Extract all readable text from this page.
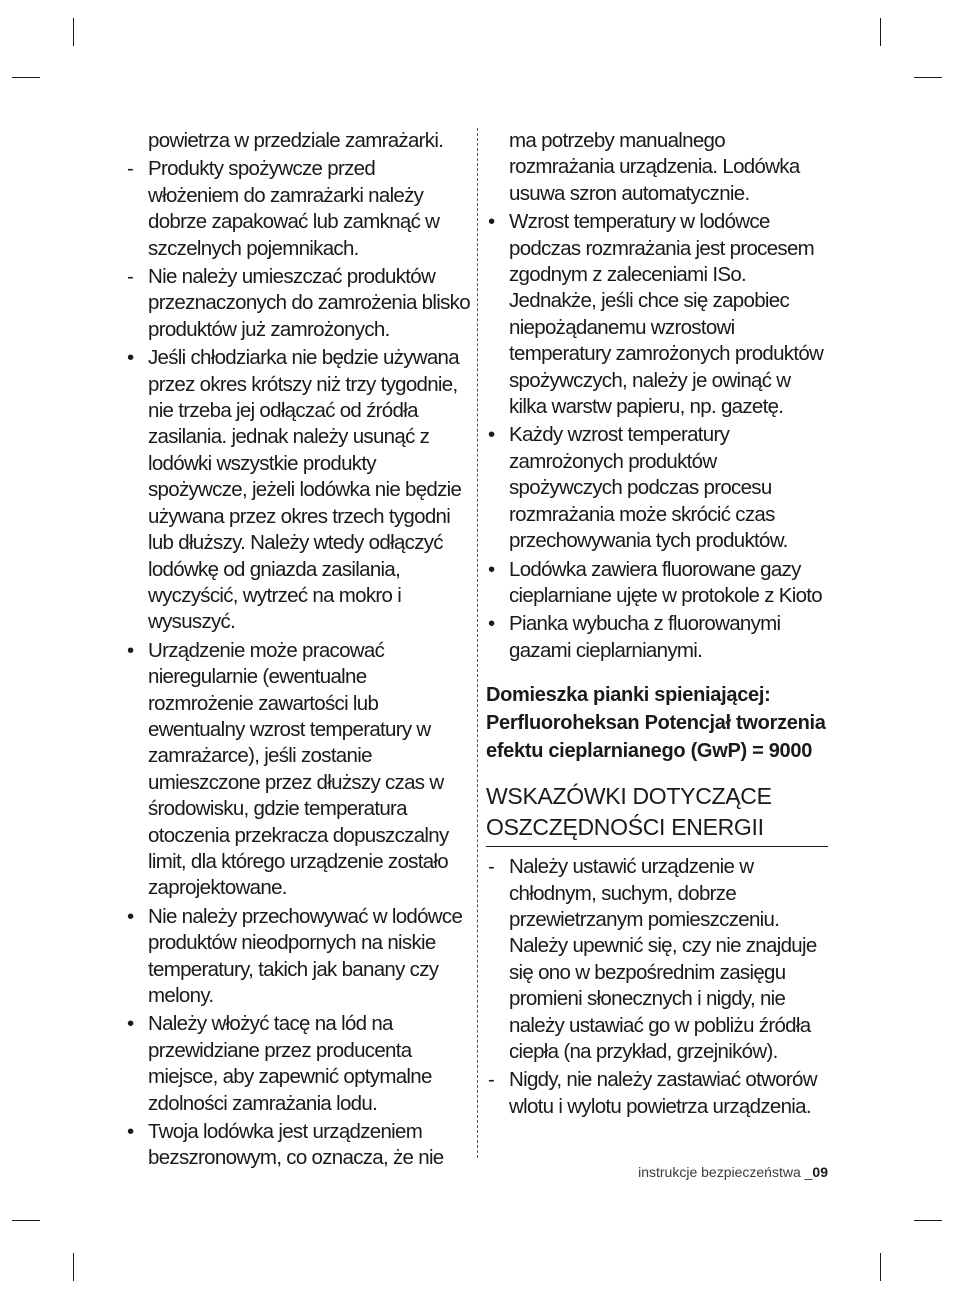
powietrza w przedziale zamrażarki.
- Produkty spożywcze przed włożeniem do zamrażarki należy dobrze zapakować lub zamknąć w szczelnych pojemnikach.
- Nie należy umieszczać produktów przeznaczonych do zamrożenia blisko produktów już zamrożonych.
• Jeśli chłodziarka nie będzie używana przez okres krótszy niż trzy tygodnie, nie trzeba jej odłączać od źródła zasilania. jednak należy usunąć z lodówki wszystkie produkty spożywcze, jeżeli lodówka nie będzie używana przez okres trzech tygodni lub dłuższy. Należy wtedy odłączyć lodówkę od gniazda zasilania, wyczyścić, wytrzeć na mokro i wysuszyć.
• Urządzenie może pracować nieregularnie (ewentualne rozmrożenie zawartości lub ewentualny wzrost temperatury w zamrażarce), jeśli zostanie umieszczone przez dłuższy czas w środowisku, gdzie temperatura otoczenia przekracza dopuszczalny limit, dla którego urządzenie zostało zaprojektowane.
• Nie należy przechowywać w lodówce produktów nieodpornych na niskie temperatury, takich jak banany czy melony.
• Należy włożyć tacę na lód na przewidziane przez producenta miejsce, aby zapewnić optymalne zdolności zamrażania lodu.
• Twoja lodówka jest urządzeniem bezszronowym, co oznacza, że nie
ma potrzeby manualnego rozmrażania urządzenia. Lodówka usuwa szron automatycznie.
• Wzrost temperatury w lodówce podczas rozmrażania jest procesem zgodnym z zaleceniami ISo. Jednakże, jeśli chce się zapobiec niepożądanemu wzrostowi temperatury zamrożonych produktów spożywczych, należy je owinąć w kilka warstw papieru, np. gazetę.
• Każdy wzrost temperatury zamrożonych produktów spożywczych podczas procesu rozmrażania może skrócić czas przechowywania tych produktów.
• Lodówka zawiera fluorowane gazy cieplarniane ujęte w protokole z Kioto
• Pianka wybucha z fluorowanymi gazami cieplarnianymi.
Domieszka pianki spieniającej: Perfluoroheksan Potencjał tworzenia efektu cieplarnianego (GwP) = 9000
WSKAZÓWKI DOTYCZĄCE OSZCZĘDNOŚCI ENERGII
- Należy ustawić urządzenie w chłodnym, suchym, dobrze przewietrzanym pomieszczeniu. Należy upewnić się, czy nie znajduje się ono w bezpośrednim zasięgu promieni słonecznych i nigdy, nie należy ustawiać go w pobliżu źródła ciepła (na przykład, grzejników).
- Nigdy, nie należy zastawiać otworów wlotu i wylotu powietrza urządzenia.
instrukcje bezpieczeństwa _09
